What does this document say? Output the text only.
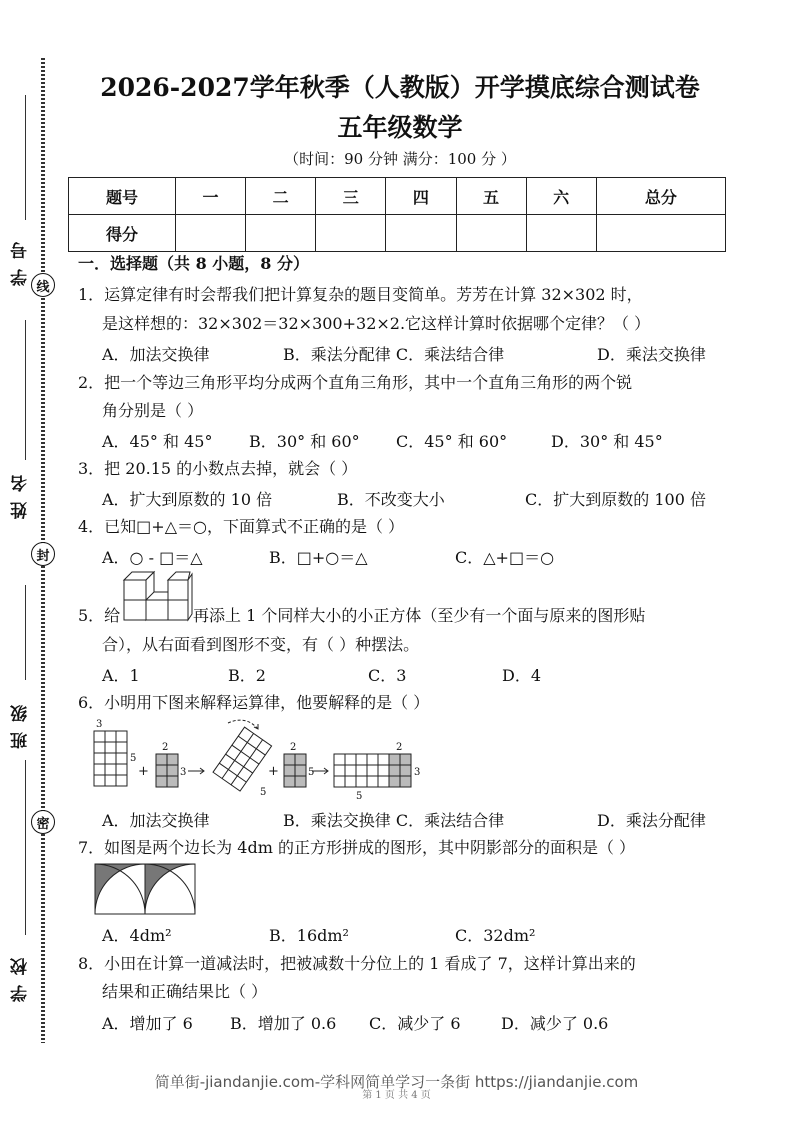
学号
姓名
班级
学校
线
封
密
2026-2027学年秋季（人教版）开学摸底综合测试卷
五年级数学
（时间：90 分钟 满分：100 分 ）
题号	一	二	三	四	五	六	总分
得分							
一．选择题（共 8 小题，8 分）
1．运算定律有时会帮我们把计算复杂的题目变简单。芳芳在计算 32×302 时，
是这样想的：32×302＝32×300+32×2.它这样计算时依据哪个定律？（ ）
A．加法交换律	B．乘法分配律 C．乘法结合律	D．乘法交换律
2．把一个等边三角形平均分成两个直角三角形，其中一个直角三角形的两个锐
角分别是（ ）
A．45° 和 45° B．30° 和 60° C．45° 和 60°	D．30° 和 45°
3．把 20.15 的小数点去掉，就会（ ）
A．扩大到原数的 10 倍	B．不改变大小	C．扩大到原数的 100 倍
4．已知□+△＝○，下面算式不正确的是（ ）
A．○ - □＝△	B．□+○＝△	C．△+□＝○
5．给	再添上 1 个同样大小的小正方体（至少有一个面与原来的图形贴
合），从右面看到图形不变，有（ ）种摆法。
A．1	B．2	C．3	D．4
6．小明用下图来解释运算律，他要解释的是（ ）
3
5
2
+
5
3
2
+	5	3
2
5
A．加法交换律	B．乘法交换律 C．乘法结合律	D．乘法分配律
7．如图是两个边长为 4dm 的正方形拼成的图形，其中阴影部分的面积是（ ）
A．4dm²	B．16dm²	C．32dm²
8．小田在计算一道减法时，把被减数十分位上的 1 看成了 7，这样计算出来的
结果和正确结果比（ ）
A．增加了 6 B．增加了 0.6 C．减少了 6	D．减少了 0.6
简单街-jiandanjie.com-学科网简单学习一条街 https://jiandanjie.com
第 1 页 共 4 页
